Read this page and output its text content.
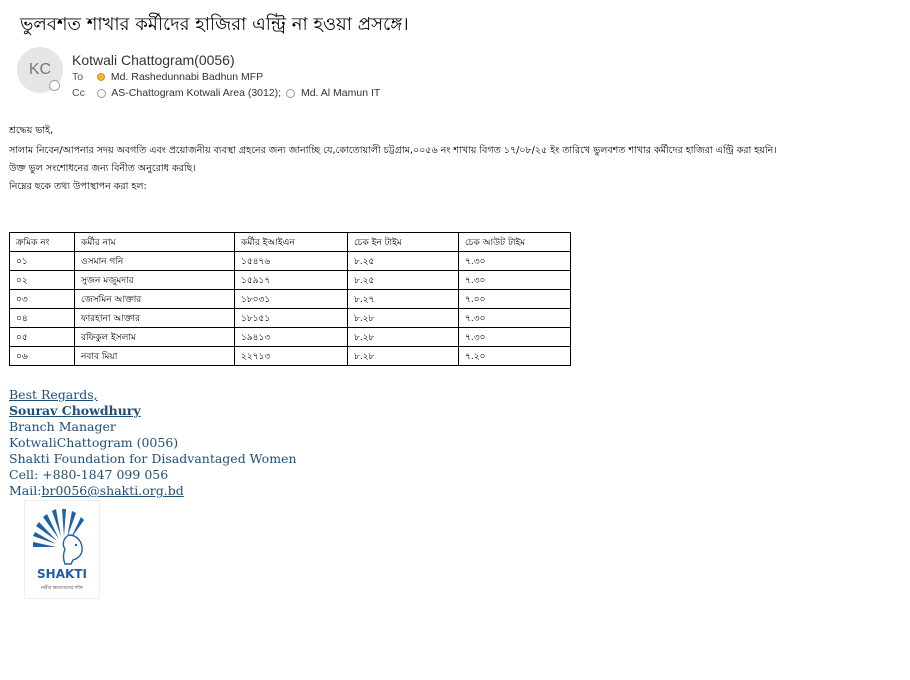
ভুলবশত শাখার কর্মীদের হাজিরা এন্ট্রি না হওয়া প্রসঙ্গে।
KC
Kotwali Chattogram(0056)
To	Md. Rashedunnabi Badhun MFP
Cc	AS-Chattogram Kotwali Area (3012); Md. Al Mamun IT
শ্রদ্ধেয় ভাই,
সালাম নিবেন/আপনার সদয় অবগতি এবং প্রয়োজনীয় ব্যবস্থা গ্রহনের জন্য জানাচ্ছি যে,কোতোয়ালী চট্টগ্রাম,০০৫৬ নং শাখায় বিগত ১৭/০৮/২৫ ইং তারিখে ভুলবশত শাখার কর্মীদের হাজিরা এন্ট্রি করা হয়নি।
উক্ত ভুল সংশোধনের জন্য বিনীত অনুরোধ করছি।
নিম্নের ছকে তথ্য উপাস্থাপন করা হল:
ক্রমিক নং	কর্মীর নাম	কর্মীর ইআইএন	চেক ইন টাইম	চেক আউট টাইম
০১	ওসমান গনি	১৫৪৭৬	৮.২৫	৭.৩০
০২	সুজন মজুমদার	১৫৯১৭	৮.২৫	৭.৩০
০৩	জেসমিন আক্তার	১৮০৩১	৮.২৭	৭.০০
০৪	ফারহানা আক্তার	১৮১৫১	৮.২৮	৭.৩০
০৫	রফিকুল ইসলাম	১৯৪১৩	৮.২৮	৭.৩০
০৬	নবাব মিয়া	২২৭১৩	৮.২৮	৭.২০
Best Regards,
Sourav Chowdhury
Branch Manager
KotwaliChattogram (0056)
Shakti Foundation for Disadvantaged Women
Cell: +880-1847 099 056
Mail:br0056@shakti.org.bd
SHAKTI
নারীর ক্ষমতায়নের শক্তি
